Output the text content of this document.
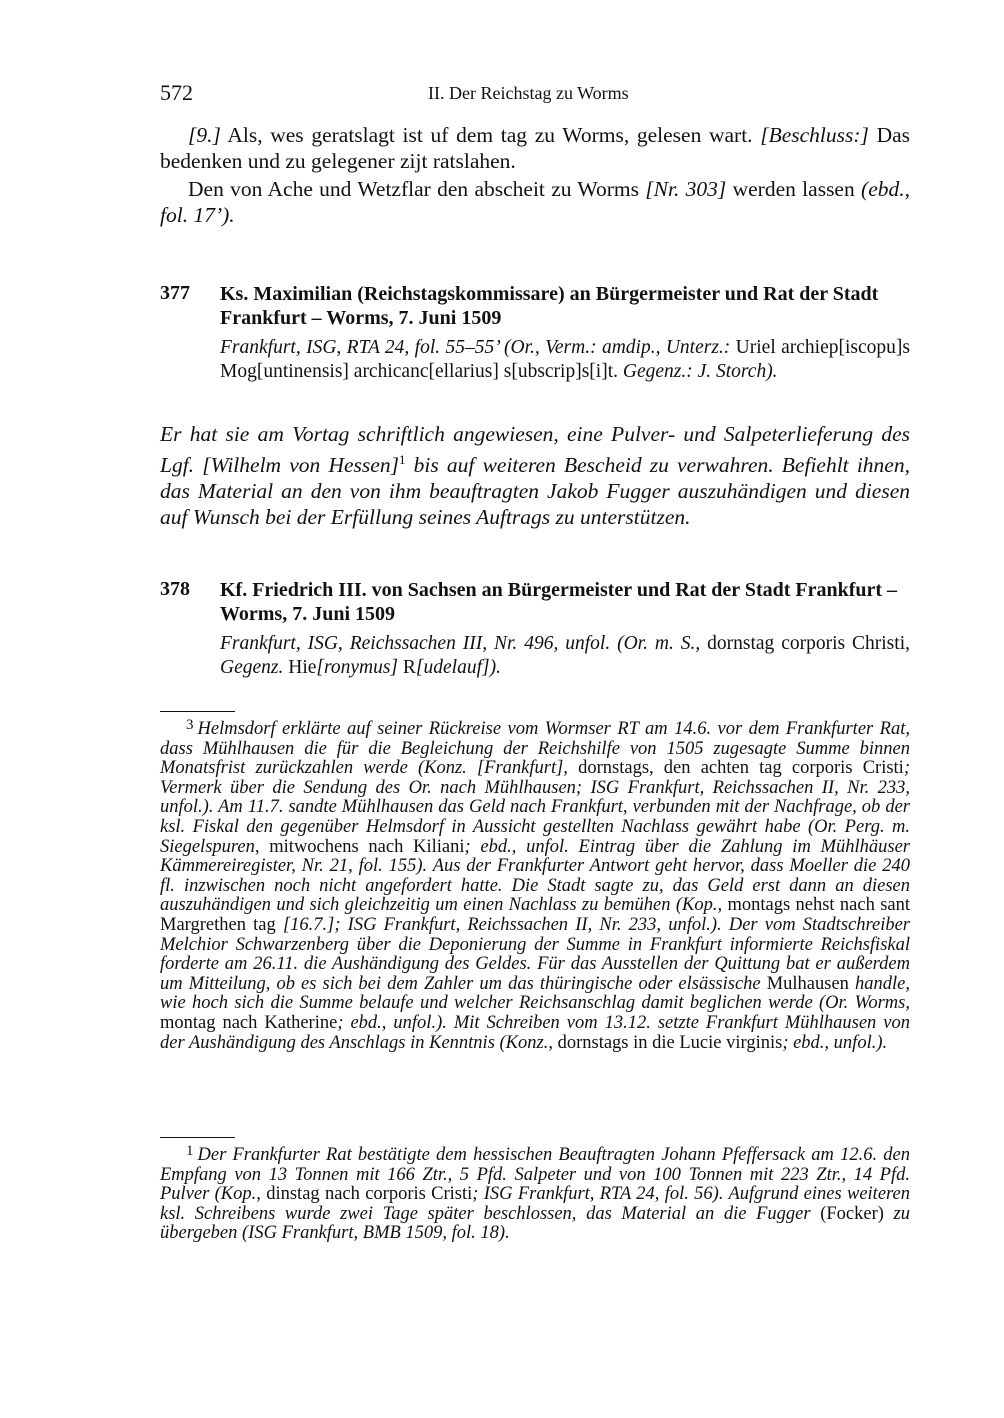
572	II. Der Reichstag zu Worms

[9.] Als, wes geratslagt ist uf dem tag zu Worms, gelesen wart. [Beschluss:] Das bedenken und zu gelegener zijt ratslahen.

Den von Ache und Wetzflar den abscheit zu Worms [Nr. 303] werden lassen (ebd., fol. 17’).

377 Ks. Maximilian (Reichstagskommissare) an Bürgermeister und Rat der Stadt Frankfurt – Worms, 7. Juni 1509

Frankfurt, ISG, RTA 24, fol. 55–55’ (Or., Verm.: amdip., Unterz.: Uriel archiep[iscopu]s Mog[untinensis] archicanc[ellarius] s[ubscrip]s[i]t. Gegenz.: J. Storch).

Er hat sie am Vortag schriftlich angewiesen, eine Pulver- und Salpeterlieferung des Lgf. [Wilhelm von Hessen]$^1$ bis auf weiteren Bescheid zu verwahren. Befiehlt ihnen, das Material an den von ihm beauftragten Jakob Fugger auszuhändigen und diesen auf Wunsch bei der Erfüllung seines Auftrags zu unterstützen.

378 Kf. Friedrich III. von Sachsen an Bürgermeister und Rat der Stadt Frankfurt – Worms, 7. Juni 1509

Frankfurt, ISG, Reichssachen III, Nr. 496, unfol. (Or. m. S., dornstag corporis Christi, Gegenz. Hie[ronymus] R[udelauf]).

$^3$ Helmsdorf erklärte auf seiner Rückreise vom Wormser RT am 14.6. vor dem Frankfurter Rat, dass Mühlhausen die für die Begleichung der Reichshilfe von 1505 zugesagte Summe binnen Monatsfrist zurückzahlen werde (Konz. [Frankfurt], dornstags, den achten tag corporis Cristi; Vermerk über die Sendung des Or. nach Mühlhausen; ISG Frankfurt, Reichssachen II, Nr. 233, unfol.). Am 11.7. sandte Mühlhausen das Geld nach Frankfurt, verbunden mit der Nachfrage, ob der ksl. Fiskal den gegenüber Helmsdorf in Aussicht gestellten Nachlass gewährt habe (Or. Perg. m. Siegelspuren, mitwochens nach Kiliani; ebd., unfol. Eintrag über die Zahlung im Mühlhäuser Kämmereiregister, Nr. 21, fol. 155). Aus der Frankfurter Antwort geht hervor, dass Moeller die 240 fl. inzwischen noch nicht angefordert hatte. Die Stadt sagte zu, das Geld erst dann an diesen auszuhändigen und sich gleichzeitig um einen Nachlass zu bemühen (Kop., montags nehst nach sant Margrethen tag [16.7.]; ISG Frankfurt, Reichssachen II, Nr. 233, unfol.). Der vom Stadtschreiber Melchior Schwarzenberg über die Deponierung der Summe in Frankfurt informierte Reichsfiskal forderte am 26.11. die Aushändigung des Geldes. Für das Ausstellen der Quittung bat er außerdem um Mitteilung, ob es sich bei dem Zahler um das thüringische oder elsässische Mulhausen handle, wie hoch sich die Summe belaufe und welcher Reichsanschlag damit beglichen werde (Or. Worms, montag nach Katherine; ebd., unfol.). Mit Schreiben vom 13.12. setzte Frankfurt Mühlhausen von der Aushändigung des Anschlags in Kenntnis (Konz., dornstags in die Lucie virginis; ebd., unfol.).

$^1$ Der Frankfurter Rat bestätigte dem hessischen Beauftragten Johann Pfeffersack am 12.6. den Empfang von 13 Tonnen mit 166 Ztr., 5 Pfd. Salpeter und von 100 Tonnen mit 223 Ztr., 14 Pfd. Pulver (Kop., dinstag nach corporis Cristi; ISG Frankfurt, RTA 24, fol. 56). Aufgrund eines weiteren ksl. Schreibens wurde zwei Tage später beschlossen, das Material an die Fugger (Focker) zu übergeben (ISG Frankfurt, BMB 1509, fol. 18).
